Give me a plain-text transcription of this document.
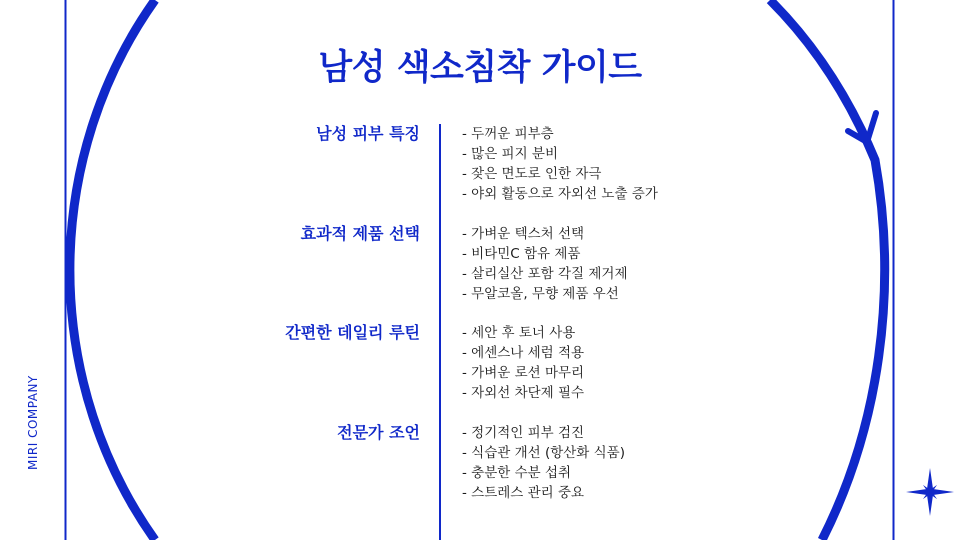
남성 색소침착 가이드
MIRI COMPANY
남성 피부 특징	- 두꺼운 피부층
- 많은 피지 분비
- 잦은 면도로 인한 자극
- 야외 활동으로 자외선 노출 증가
효과적 제품 선택	- 가벼운 텍스처 선택
- 비타민C 함유 제품
- 살리실산 포함 각질 제거제
- 무알코올, 무향 제품 우선
간편한 데일리 루틴	- 세안 후 토너 사용
- 에센스나 세럼 적용
- 가벼운 로션 마무리
- 자외선 차단제 필수
전문가 조언	- 정기적인 피부 검진
- 식습관 개선 (항산화 식품)
- 충분한 수분 섭취
- 스트레스 관리 중요
